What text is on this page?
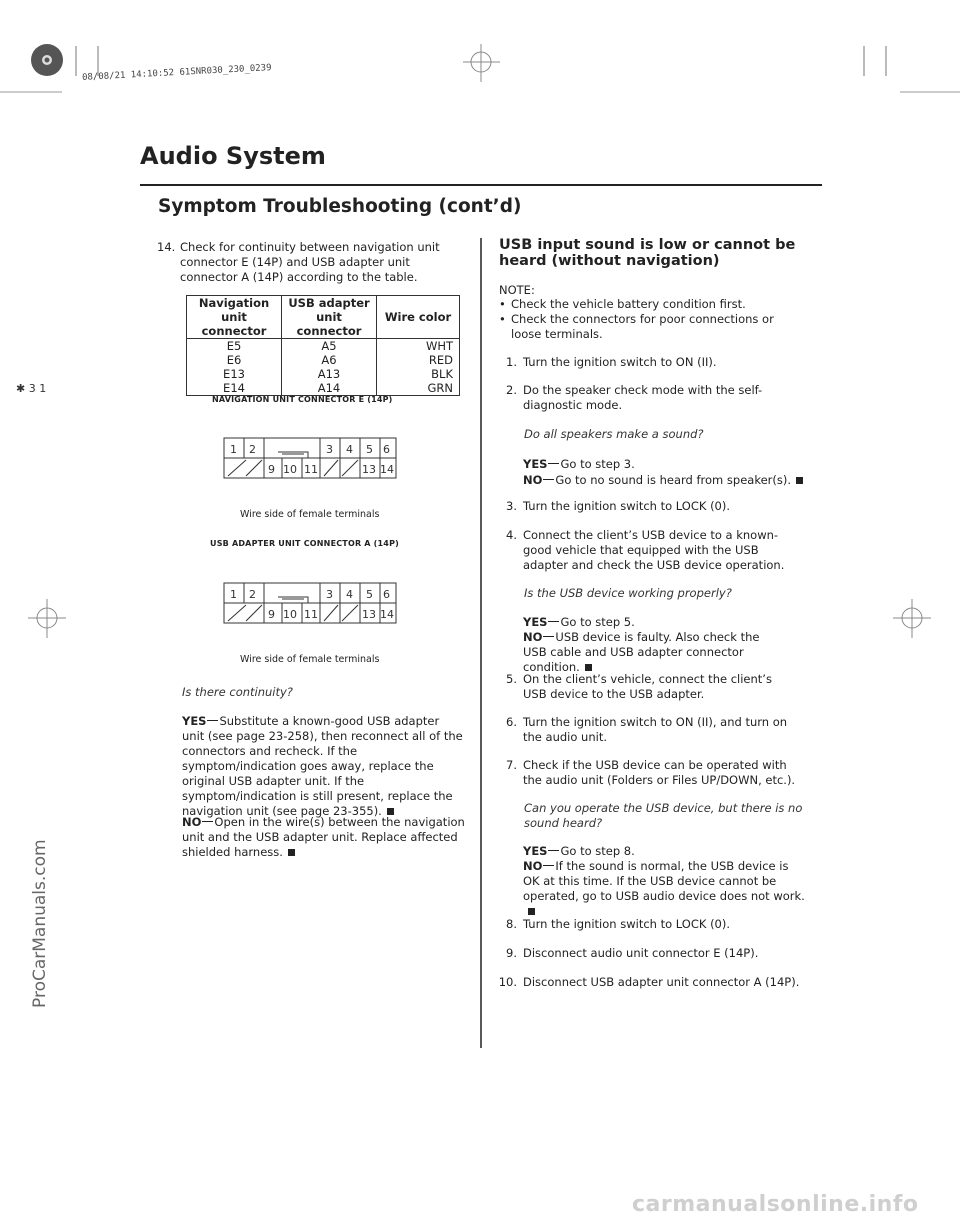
08/08/21 14:10:52 61SNR030_230_0239
ProCarManuals.com
✱ 3 1
Audio System
Symptom Troubleshooting (cont’d)
14. Check for continuity between navigation unit connector E (14P) and USB adapter unit connector A (14P) according to the table.
Navigation unit connector	USB adapter unit connector	Wire color
E5	A5	WHT
E6	A6	RED
E13	A13	BLK
E14	A14	GRN
NAVIGATION UNIT CONNECTOR E (14P)
1 2	3 4 5 6
9 10 11	13 14
Wire side of female terminals
USB ADAPTER UNIT CONNECTOR A (14P)
1 2	3 4 5 6
9 10 11	13 14
Wire side of female terminals
Is there continuity?
YES Substitute a known-good USB adapter unit (see page 23-258), then reconnect all of the connectors and recheck. If the symptom/indication goes away, replace the original USB adapter unit. If the symptom/indication is still present, replace the navigation unit (see page 23-355).
NO Open in the wire(s) between the navigation unit and the USB adapter unit. Replace affected shielded harness.
USB input sound is low or cannot be heard (without navigation)
NOTE:
• Check the vehicle battery condition first.
• Check the connectors for poor connections or loose terminals.
1. Turn the ignition switch to ON (II).
2. Do the speaker check mode with the self-diagnostic mode.
Do all speakers make a sound?
YES Go to step 3.
NO Go to no sound is heard from speaker(s).
3. Turn the ignition switch to LOCK (0).
4. Connect the client’s USB device to a known-good vehicle that equipped with the USB adapter and check the USB device operation.
Is the USB device working properly?
YES Go to step 5.
NO USB device is faulty. Also check the USB cable and USB adapter connector condition.
5. On the client’s vehicle, connect the client’s USB device to the USB adapter.
6. Turn the ignition switch to ON (II), and turn on the audio unit.
7. Check if the USB device can be operated with the audio unit (Folders or Files UP/DOWN, etc.).
Can you operate the USB device, but there is no sound heard?
YES Go to step 8.
NO If the sound is normal, the USB device is OK at this time. If the USB device cannot be operated, go to USB audio device does not work.
8. Turn the ignition switch to LOCK (0).
9. Disconnect audio unit connector E (14P).
10. Disconnect USB adapter unit connector A (14P).
carmanualsonline.info
